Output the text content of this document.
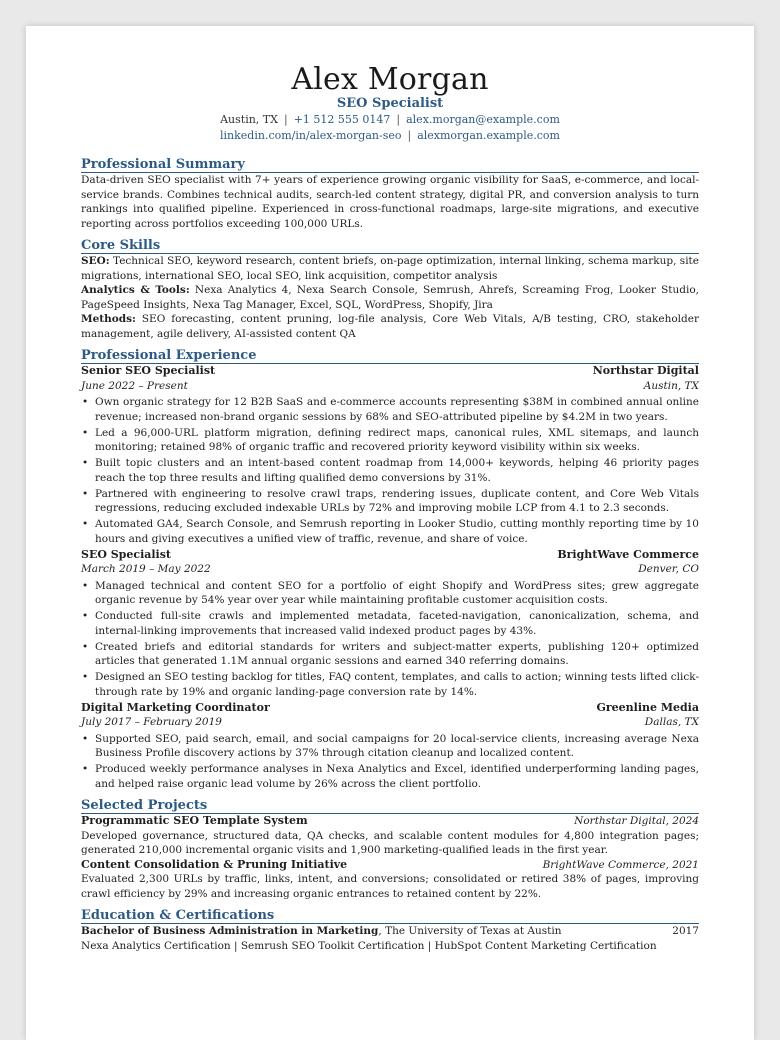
Alex Morgan
SEO Specialist
Austin, TX | +1 512 555 0147 | alex.morgan@example.com
linkedin.com/in/alex-morgan-seo | alexmorgan.example.com
Professional Summary
Data-driven SEO specialist with 7+ years of experience growing organic visibility for SaaS, e-commerce, and local-service brands. Combines technical audits, search-led content strategy, digital PR, and conversion analysis to turn rankings into qualified pipeline. Experienced in cross-functional roadmaps, large-site migrations, and executive reporting across portfolios exceeding 100,000 URLs.
Core Skills
SEO: Technical SEO, keyword research, content briefs, on-page optimization, internal linking, schema markup, site migrations, international SEO, local SEO, link acquisition, competitor analysis
Analytics & Tools: Nexa Analytics 4, Nexa Search Console, Semrush, Ahrefs, Screaming Frog, Looker Studio, PageSpeed Insights, Nexa Tag Manager, Excel, SQL, WordPress, Shopify, Jira
Methods: SEO forecasting, content pruning, log-file analysis, Core Web Vitals, A/B testing, CRO, stakeholder management, agile delivery, AI-assisted content QA
Professional Experience
Senior SEO Specialist	Northstar Digital
June 2022 – Present	Austin, TX
• Own organic strategy for 12 B2B SaaS and e-commerce accounts representing $38M in combined annual online revenue; increased non-brand organic sessions by 68% and SEO-attributed pipeline by $4.2M in two years.
• Led a 96,000-URL platform migration, defining redirect maps, canonical rules, XML sitemaps, and launch monitoring; retained 98% of organic traffic and recovered priority keyword visibility within six weeks.
• Built topic clusters and an intent-based content roadmap from 14,000+ keywords, helping 46 priority pages reach the top three results and lifting qualified demo conversions by 31%.
• Partnered with engineering to resolve crawl traps, rendering issues, duplicate content, and Core Web Vitals regressions, reducing excluded indexable URLs by 72% and improving mobile LCP from 4.1 to 2.3 seconds.
• Automated GA4, Search Console, and Semrush reporting in Looker Studio, cutting monthly reporting time by 10 hours and giving executives a unified view of traffic, revenue, and share of voice.
SEO Specialist	BrightWave Commerce
March 2019 – May 2022	Denver, CO
• Managed technical and content SEO for a portfolio of eight Shopify and WordPress sites; grew aggregate organic revenue by 54% year over year while maintaining profitable customer acquisition costs.
• Conducted full-site crawls and implemented metadata, faceted-navigation, canonicalization, schema, and internal-linking improvements that increased valid indexed product pages by 43%.
• Created briefs and editorial standards for writers and subject-matter experts, publishing 120+ optimized articles that generated 1.1M annual organic sessions and earned 340 referring domains.
• Designed an SEO testing backlog for titles, FAQ content, templates, and calls to action; winning tests lifted click-through rate by 19% and organic landing-page conversion rate by 14%.
Digital Marketing Coordinator	Greenline Media
July 2017 – February 2019	Dallas, TX
• Supported SEO, paid search, email, and social campaigns for 20 local-service clients, increasing average Nexa Business Profile discovery actions by 37% through citation cleanup and localized content.
• Produced weekly performance analyses in Nexa Analytics and Excel, identified underperforming landing pages, and helped raise organic lead volume by 26% across the client portfolio.
Selected Projects
Programmatic SEO Template System	Northstar Digital, 2024
Developed governance, structured data, QA checks, and scalable content modules for 4,800 integration pages; generated 210,000 incremental organic visits and 1,900 marketing-qualified leads in the first year.
Content Consolidation & Pruning Initiative	BrightWave Commerce, 2021
Evaluated 2,300 URLs by traffic, links, intent, and conversions; consolidated or retired 38% of pages, improving crawl efficiency by 29% and increasing organic entrances to retained content by 22%.
Education & Certifications
Bachelor of Business Administration in Marketing, The University of Texas at Austin	2017
Nexa Analytics Certification | Semrush SEO Toolkit Certification | HubSpot Content Marketing Certification
